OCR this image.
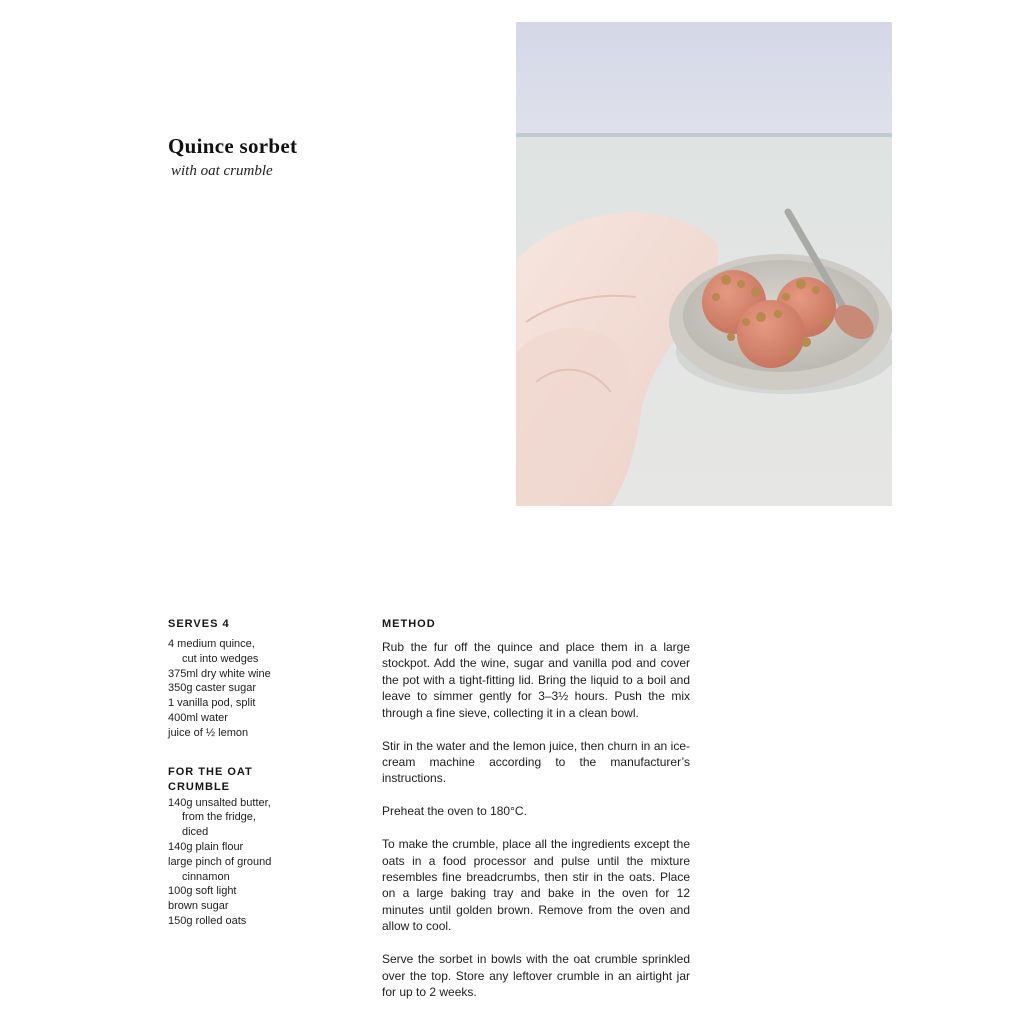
Quince sorbet
with oat crumble
SERVES 4
4 medium quince,
cut into wedges
375ml dry white wine
350g caster sugar
1 vanilla pod, split
400ml water
juice of ½ lemon
FOR THE OAT CRUMBLE
140g unsalted butter,
from the fridge,
diced
140g plain flour
large pinch of ground
cinnamon
100g soft light
brown sugar
150g rolled oats
METHOD

Rub the fur off the quince and place them in a large stockpot. Add the wine, sugar and vanilla pod and cover the pot with a tight-fitting lid. Bring the liquid to a boil and leave to simmer gently for 3–3½ hours. Push the mix through a fine sieve, collecting it in a clean bowl.

Stir in the water and the lemon juice, then churn in an ice-cream machine according to the manufacturer’s instructions.

Preheat the oven to 180°C.

To make the crumble, place all the ingredients except the oats in a food processor and pulse until the mixture resembles fine breadcrumbs, then stir in the oats. Place on a large baking tray and bake in the oven for 12 minutes until golden brown. Remove from the oven and allow to cool.

Serve the sorbet in bowls with the oat crumble sprinkled over the top. Store any leftover crumble in an airtight jar for up to 2 weeks.
